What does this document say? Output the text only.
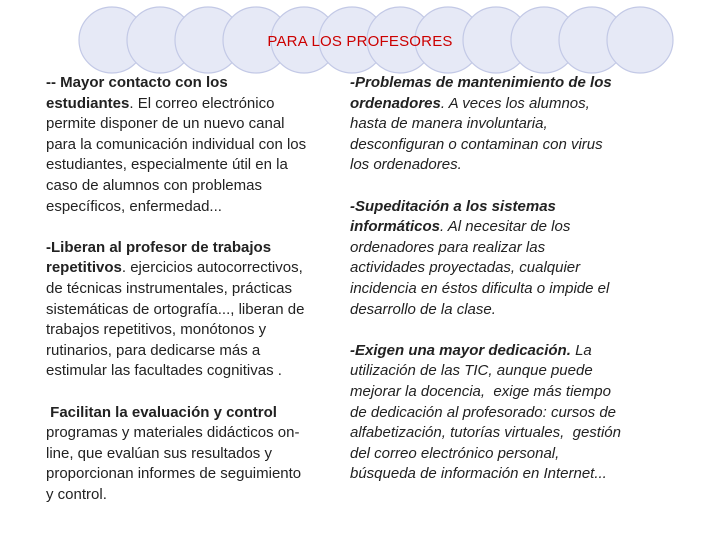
PARA LOS PROFESORES
-- Mayor contacto con los
estudiantes. El correo electrónico
permite disponer de un nuevo canal
para la comunicación individual con los
estudiantes, especialmente útil en la
caso de alumnos con problemas
específicos, enfermedad...
-Liberan al profesor de trabajos
repetitivos. ejercicios autocorrectivos,
de técnicas instrumentales, prácticas
sistemáticas de ortografía..., liberan de
trabajos repetitivos, monótonos y
rutinarios, para dedicarse más a
estimular las facultades cognitivas .
Facilitan la evaluación y control
programas y materiales didácticos on-
line, que evalúan sus resultados y
proporcionan informes de seguimiento
y control.
-Problemas de mantenimiento de los
ordenadores. A veces los alumnos,
hasta de manera involuntaria,
desconfiguran o contaminan con virus
los ordenadores.
-Supeditación a los sistemas
informáticos. Al necesitar de los
ordenadores para realizar las
actividades proyectadas, cualquier
incidencia en éstos dificulta o impide el
desarrollo de la clase.
-Exigen una mayor dedicación. La
utilización de las TIC, aunque puede
mejorar la docencia,  exige más tiempo
de dedicación al profesorado: cursos de
alfabetización, tutorías virtuales,  gestión
del correo electrónico personal,
búsqueda de información en Internet...
